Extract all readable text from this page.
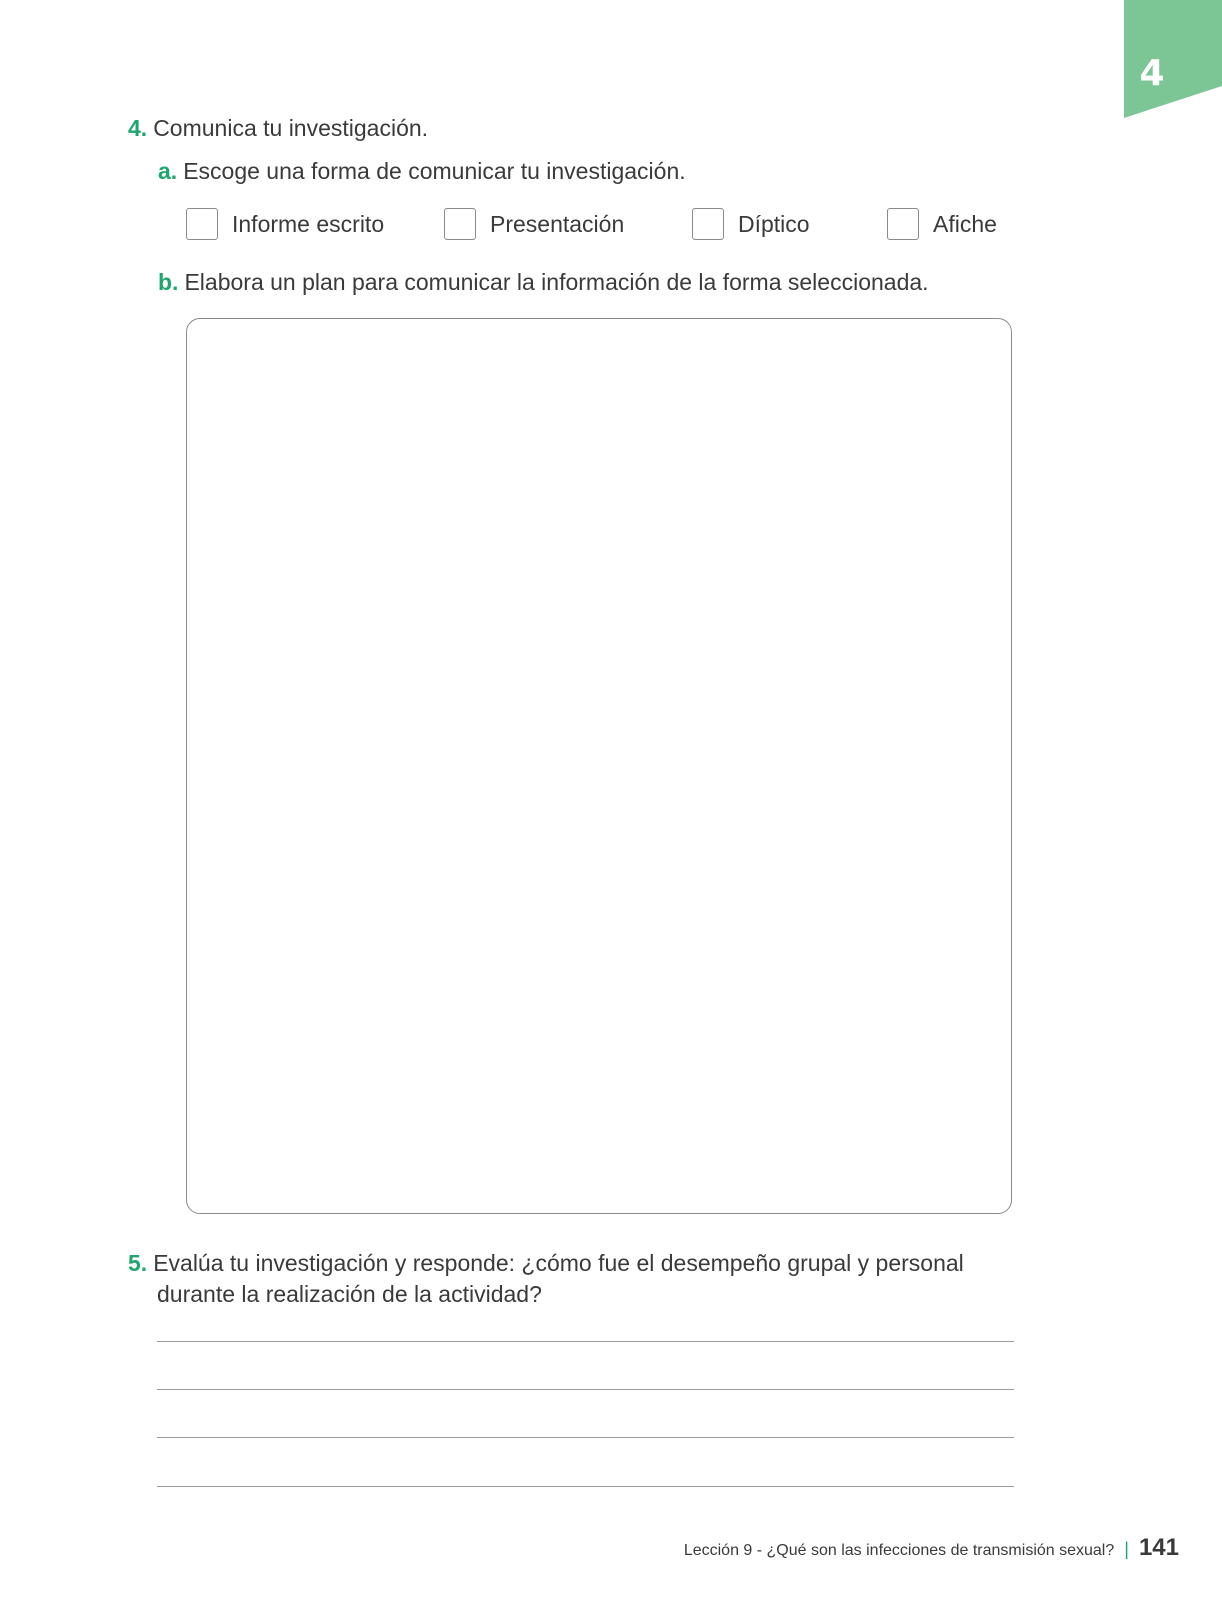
4
4. Comunica tu investigación.
a. Escoge una forma de comunicar tu investigación.
Informe escrito	Presentación	Díptico	Afiche
b. Elabora un plan para comunicar la información de la forma seleccionada.
5. Evalúa tu investigación y responde: ¿cómo fue el desempeño grupal y personal
durante la realización de la actividad?
Lección 9 - ¿Qué son las infecciones de transmisión sexual? | 141
